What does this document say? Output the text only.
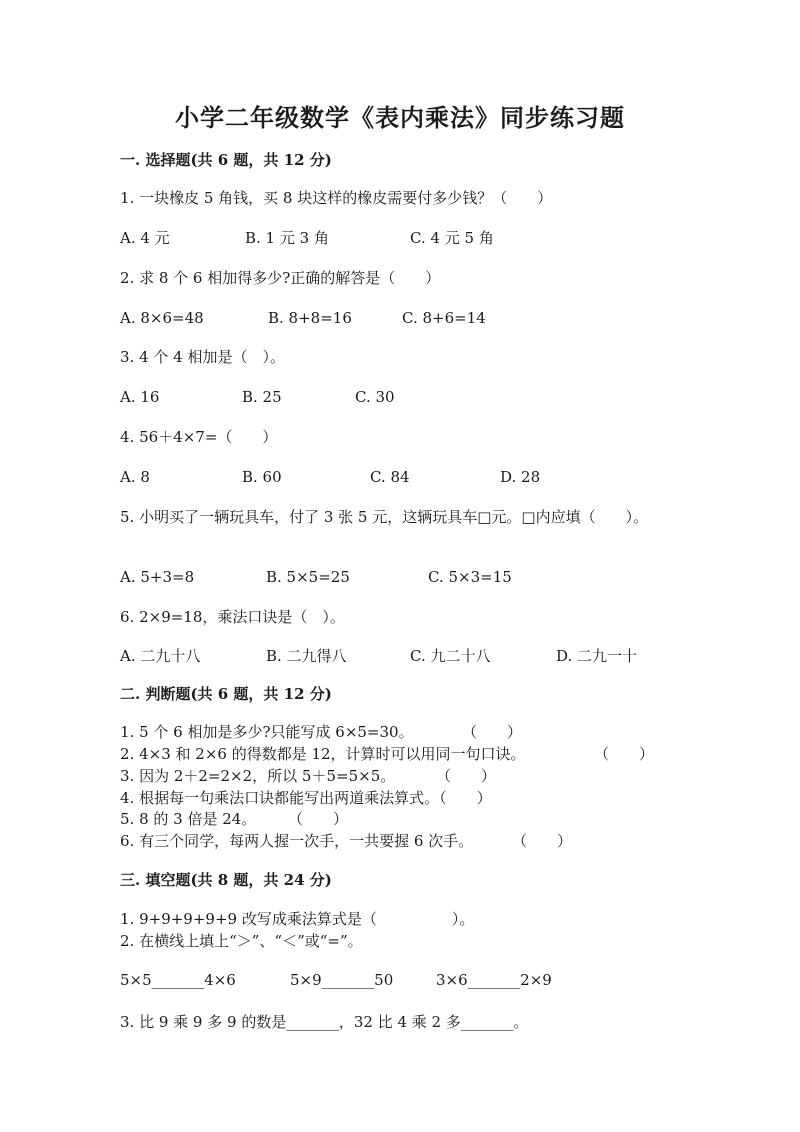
小学二年级数学《表内乘法》同步练习题
一. 选择题(共 6 题，共 12 分)
1. 一块橡皮 5 角钱，买 8 块这样的橡皮需要付多少钱？（　　）
A. 4 元	B. 1 元 3 角	C. 4 元 5 角
2. 求 8 个 6 相加得多少?正确的解答是（　　）
A. 8×6=48	B. 8+8=16	C. 8+6=14
3. 4 个 4 相加是（　）。
A. 16	B. 25	C. 30
4. 56＋4×7=（　　）
A. 8	B. 60	C. 84	D. 28
5. 小明买了一辆玩具车，付了 3 张 5 元，这辆玩具车□元。□内应填（　　）。
A. 5+3=8	B. 5×5=25	C. 5×3=15
6. 2×9=18，乘法口诀是（　）。
A. 二九十八	B. 二九得八	C. 九二十八	D. 二九一十
二. 判断题(共 6 题，共 12 分)
1. 5 个 6 相加是多少?只能写成 6×5=30。	（　　）
2. 4×3 和 2×6 的得数都是 12，计算时可以用同一句口诀。	（　　）
3. 因为 2＋2=2×2，所以 5＋5=5×5。	（　　）
4. 根据每一句乘法口诀都能写出两道乘法算式。（　　）
5. 8 的 3 倍是 24。 （　　）
6. 有三个同学，每两人握一次手，一共要握 6 次手。	（　　）
三. 填空题(共 8 题，共 24 分)
1. 9+9+9+9+9 改写成乘法算式是（　　　　　）。
2. 在横线上填上“＞”、“＜”或“=”。
5×5_______4×6	5×9_______50	3×6_______2×9
3. 比 9 乘 9 多 9 的数是_______，32 比 4 乘 2 多_______。
